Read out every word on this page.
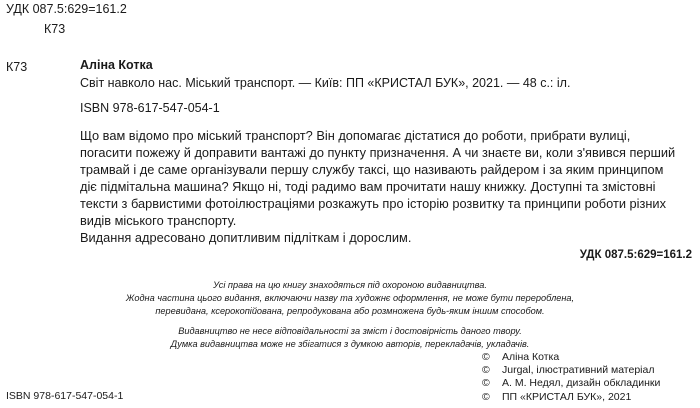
УДК 087.5:629=161.2
К73
К73	Аліна Котка
Світ навколо нас. Міський транспорт. — Київ: ПП «КРИСТАЛ БУК», 2021. — 48 с.: іл.
ISBN 978-617-547-054-1
Що вам відомо про міський транспорт? Він допомагає дістатися до роботи, прибрати вулиці,
погасити пожежу й доправити вантажі до пункту призначення. А чи знаєте ви, коли з'явився перший
трамвай і де саме організували першу службу таксі, що називають райдером і за яким принципом
діє підмітальна машина? Якщо ні, тоді радимо вам прочитати нашу книжку. Доступні та змістовні
тексти з барвистими фотоілюстраціями розкажуть про історію розвитку та принципи роботи різних
видів міського транспорту.
Видання адресовано допитливим підліткам і дорослим.
УДК 087.5:629=161.2
Усі права на цю книгу знаходяться під охороною видавництва.
Жодна частина цього видання, включаючи назву та художнє оформлення, не може бути перероблена,
перевидана, ксерокопійована, репродукована або розмножена будь-яким іншим способом.
Видавництво не несе відповідальності за зміст і достовірність даного твору.
Думка видавництва може не збігатися з думкою авторів, перекладачів, укладачів.
© Аліна Котка
© Jurgal, ілюстративний матеріал
© А. М. Недял, дизайн обкладинки
© ПП «КРИСТАЛ БУК», 2021
ISBN 978-617-547-054-1
